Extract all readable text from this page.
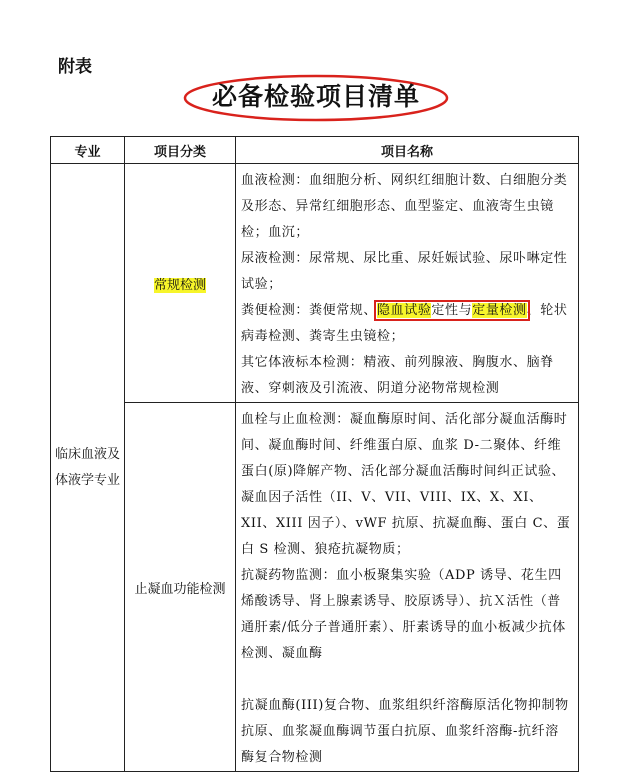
附表
必备检验项目清单
专业	项目分类	项目名称
临床血液及体液学专业	常规检测	血液检测：血细胞分析、网织红细胞计数、白细胞分类及形态、异常红细胞形态、血型鉴定、血液寄生虫镜检；血沉；

尿液检测：尿常规、尿比重、尿妊娠试验、尿卟啉定性试验；

粪便检测：粪便常规、隐血试验定性与定量检测、轮状病毒检测、粪寄生虫镜检；

其它体液标本检测：精液、前列腺液、胸腹水、脑脊液、穿刺液及引流液、阴道分泌物常规检测

	止凝血功能检测	血栓与止血检测：凝血酶原时间、活化部分凝血活酶时间、凝血酶时间、纤维蛋白原、血浆 D-二聚体、纤维蛋白(原)降解产物、活化部分凝血活酶时间纠正试验、凝血因子活性（II、V、VII、VIII、IX、X、XI、XII、XIII 因子）、vWF 抗原、抗凝血酶、蛋白 C、蛋白 S 检测、狼疮抗凝物质；

抗凝药物监测：血小板聚集实验（ADP 诱导、花生四烯酸诱导、肾上腺素诱导、胶原诱导）、抗Ｘ活性（普通肝素/低分子普通肝素）、肝素诱导的血小板减少抗体检测、凝血酶

抗凝血酶(III)复合物、血浆组织纤溶酶原活化物抑制物抗原、血浆凝血酶调节蛋白抗原、血浆纤溶酶-抗纤溶酶复合物检测
